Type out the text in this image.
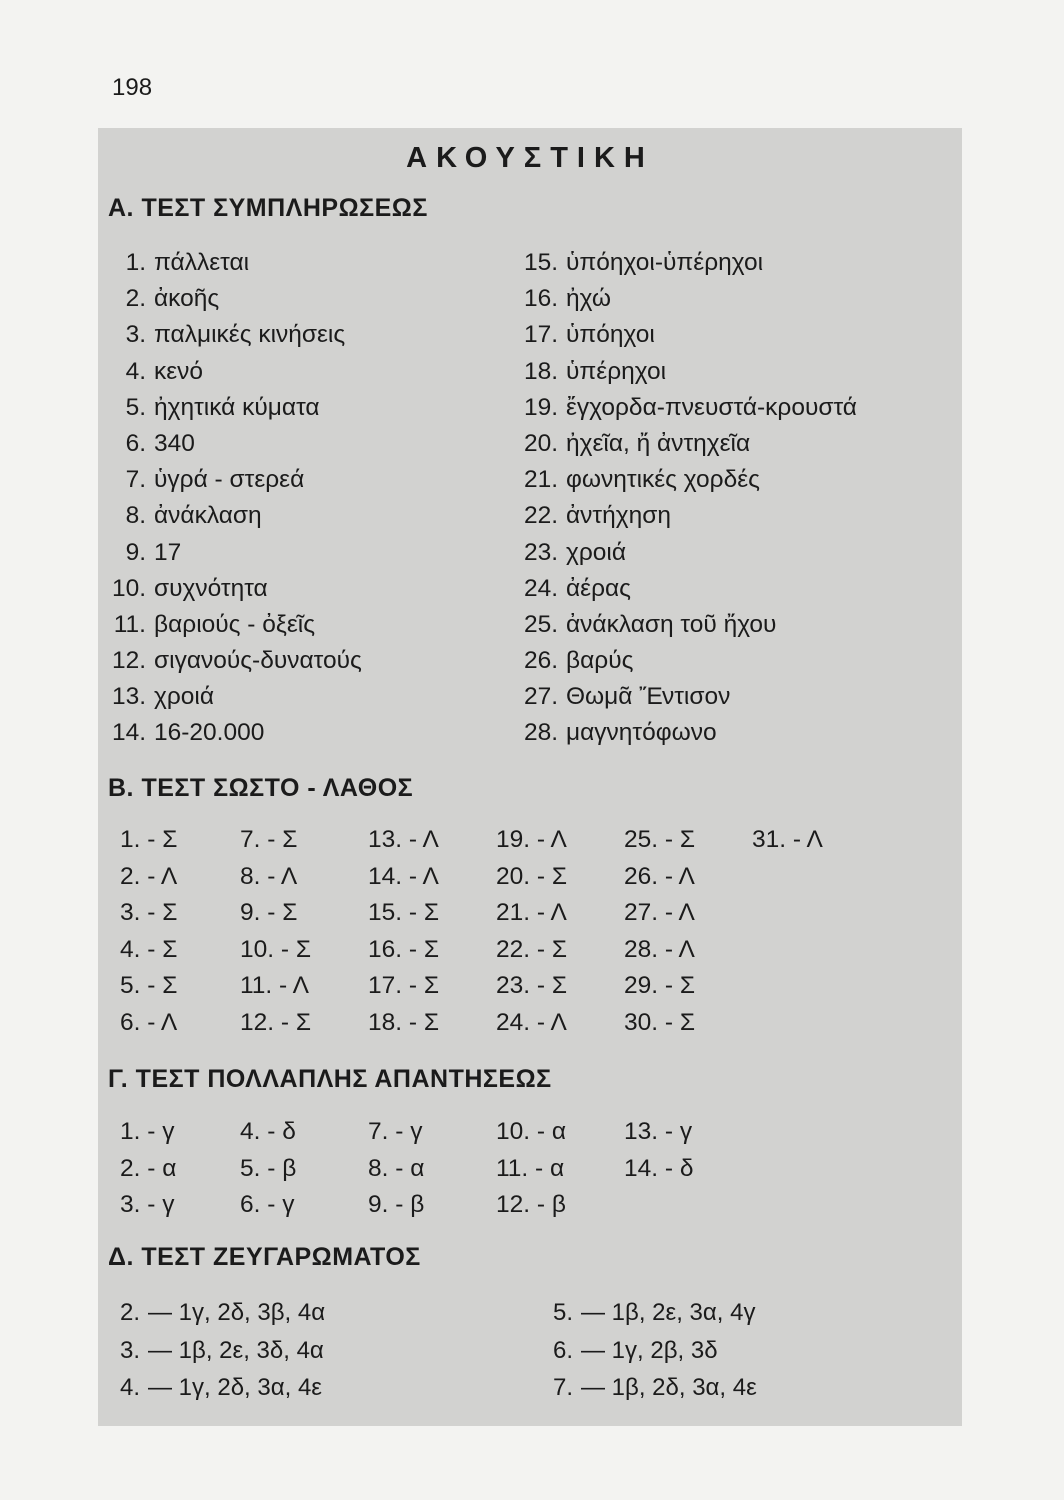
198
ΑΚΟΥΣΤΙΚΗ
Α. ΤΕΣΤ ΣΥΜΠΛΗΡΩΣΕΩΣ
1. πάλλεται
2. ἀκοῆς
3. παλμικές κινήσεις
4. κενό
5. ἠχητικά κύματα
6. 340
7. ὑγρά - στερεά
8. ἀνάκλαση
9. 17
10. συχνότητα
11. βαριούς - ὀξεῖς
12. σιγανούς-δυνατούς
13. χροιά
14. 16-20.000
15. ὑπόηχοι-ὑπέρηχοι
16. ἠχώ
17. ὑπόηχοι
18. ὑπέρηχοι
19. ἔγχορδα-πνευστά-κρουστά
20. ἠχεῖα, ἤ ἀντηχεῖα
21. φωνητικές χορδές
22. ἀντήχηση
23. χροιά
24. ἀέρας
25. ἀνάκλαση τοῦ ἤχου
26. βαρύς
27. Θωμᾶ Ἔντισον
28. μαγνητόφωνο
Β. ΤΕΣΤ ΣΩΣΤΟ - ΛΑΘΟΣ
1. - Σ	7. - Σ	13. - Λ	19. - Λ	25. - Σ	31. - Λ
2. - Λ	8. - Λ	14. - Λ	20. - Σ	26. - Λ
3. - Σ	9. - Σ	15. - Σ	21. - Λ	27. - Λ
4. - Σ	10. - Σ	16. - Σ	22. - Σ	28. - Λ
5. - Σ	11. - Λ	17. - Σ	23. - Σ	29. - Σ
6. - Λ	12. - Σ	18. - Σ	24. - Λ	30. - Σ
Γ. ΤΕΣΤ ΠΟΛΛΑΠΛΗΣ ΑΠΑΝΤΗΣΕΩΣ
1. - γ	4. - δ	7. - γ	10. - α	13. - γ
2. - α	5. - β	8. - α	11. - α	14. - δ
3. - γ	6. - γ	9. - β	12. - β
Δ. ΤΕΣΤ ΖΕΥΓΑΡΩΜΑΤΟΣ
2. — 1γ, 2δ, 3β, 4α
3. — 1β, 2ε, 3δ, 4α
4. — 1γ, 2δ, 3α, 4ε
5. — 1β, 2ε, 3α, 4γ
6. — 1γ, 2β, 3δ
7. — 1β, 2δ, 3α, 4ε
